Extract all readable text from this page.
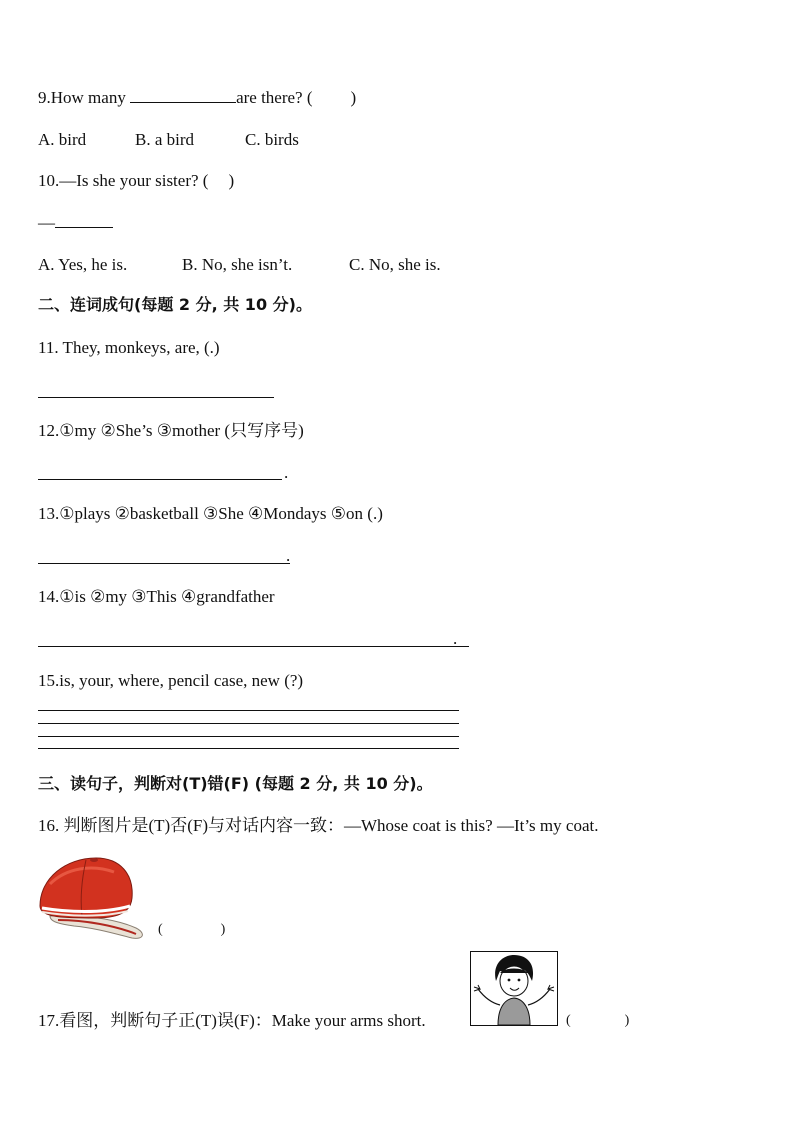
9.How many	are there? ( )
A. bird	B. a bird	C. birds
10.—Is she your sister? ( )
—
A. Yes, he is.	B. No, she isn’t.	C. No, she is.
二、连词成句(每题 2 分, 共 10 分)。
11. They, monkeys, are, (.)
12.①my ②She’s ③mother (只写序号)
.
13.①plays ②basketball ③She ④Mondays ⑤on (.)
.
14.①is ②my ③This ④grandfather
.
15.is, your, where, pencil case, new (?)
三、读句子，判断对(T)错(F) (每题 2 分, 共 10 分)。
16. 判断图片是(T)否(F)与对话内容一致：—Whose coat is this? —It’s my coat.
(	)
17.看图，判断句子正(T)误(F)：Make your arms short.	(	)
